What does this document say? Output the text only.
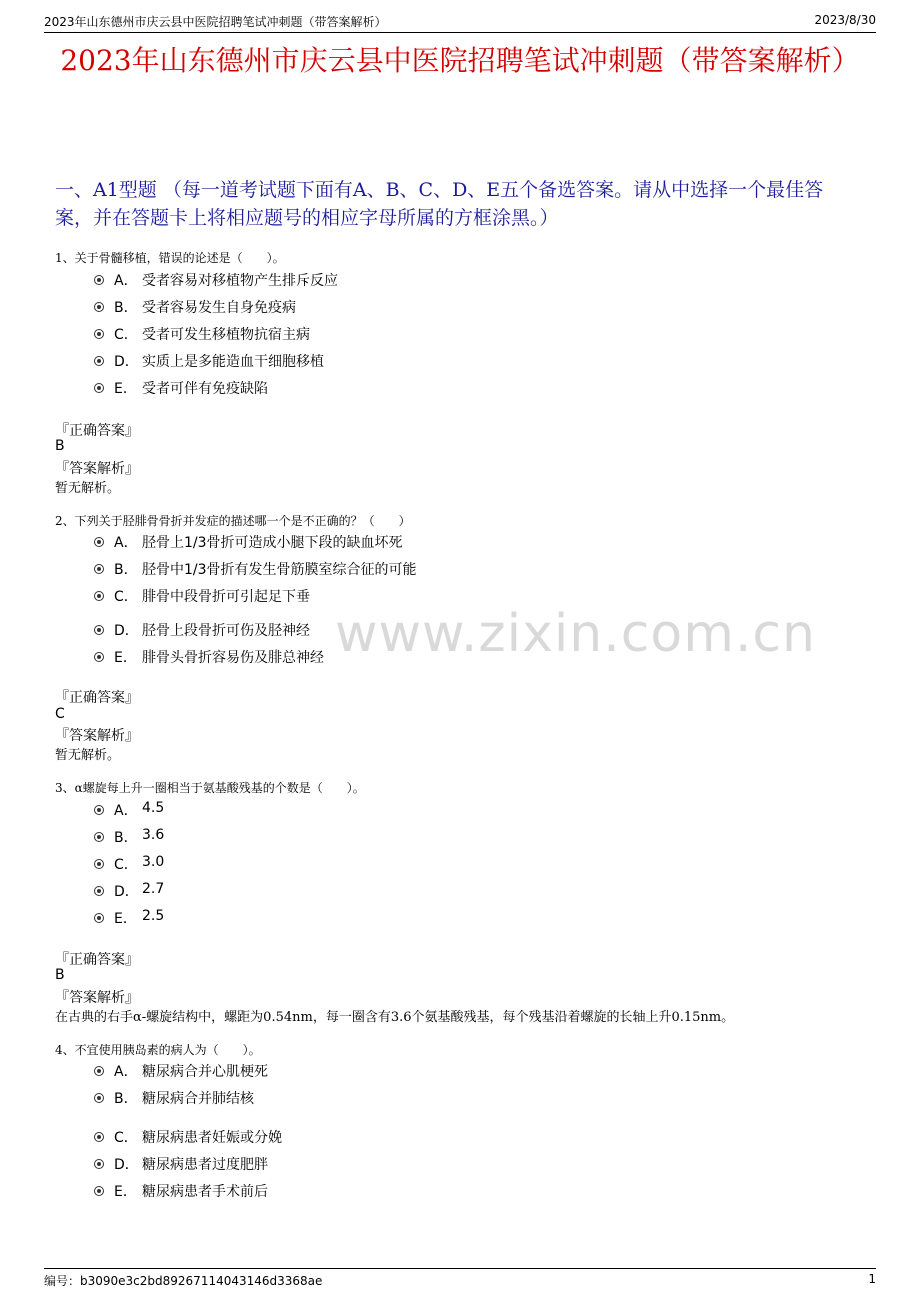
2023年山东德州市庆云县中医院招聘笔试冲刺题（带答案解析）	2023/8/30
2023年山东德州市庆云县中医院招聘笔试冲刺题（带答案解析）
一、A1型题 （每一道考试题下面有A、B、C、D、E五个备选答案。请从中选择一个最佳答案，并在答题卡上将相应题号的相应字母所属的方框涂黑。）
www.zixin.com.cn
1、关于骨髓移植，错误的论述是（　　）。
A． 受者容易对移植物产生排斥反应
B． 受者容易发生自身免疫病
C． 受者可发生移植物抗宿主病
D． 实质上是多能造血干细胞移植
E． 受者可伴有免疫缺陷
『正确答案』
B
『答案解析』
暂无解析。
2、下列关于胫腓骨骨折并发症的描述哪一个是不正确的？（　　）
A． 胫骨上1/3骨折可造成小腿下段的缺血坏死
B． 胫骨中1/3骨折有发生骨筋膜室综合征的可能
C． 腓骨中段骨折可引起足下垂
D． 胫骨上段骨折可伤及胫神经
E． 腓骨头骨折容易伤及腓总神经
『正确答案』
C
『答案解析』
暂无解析。
3、α螺旋每上升一圈相当于氨基酸残基的个数是（　　）。
A． 4.5
B． 3.6
C． 3.0
D． 2.7
E． 2.5
『正确答案』
B
『答案解析』
在古典的右手α-螺旋结构中，螺距为0.54nm，每一圈含有3.6个氨基酸残基，每个残基沿着螺旋的长轴上升0.15nm。
4、不宜使用胰岛素的病人为（　　）。
A． 糖尿病合并心肌梗死
B． 糖尿病合并肺结核
C． 糖尿病患者妊娠或分娩
D． 糖尿病患者过度肥胖
E． 糖尿病患者手术前后
编号：b3090e3c2bd89267114043146d3368ae	1
